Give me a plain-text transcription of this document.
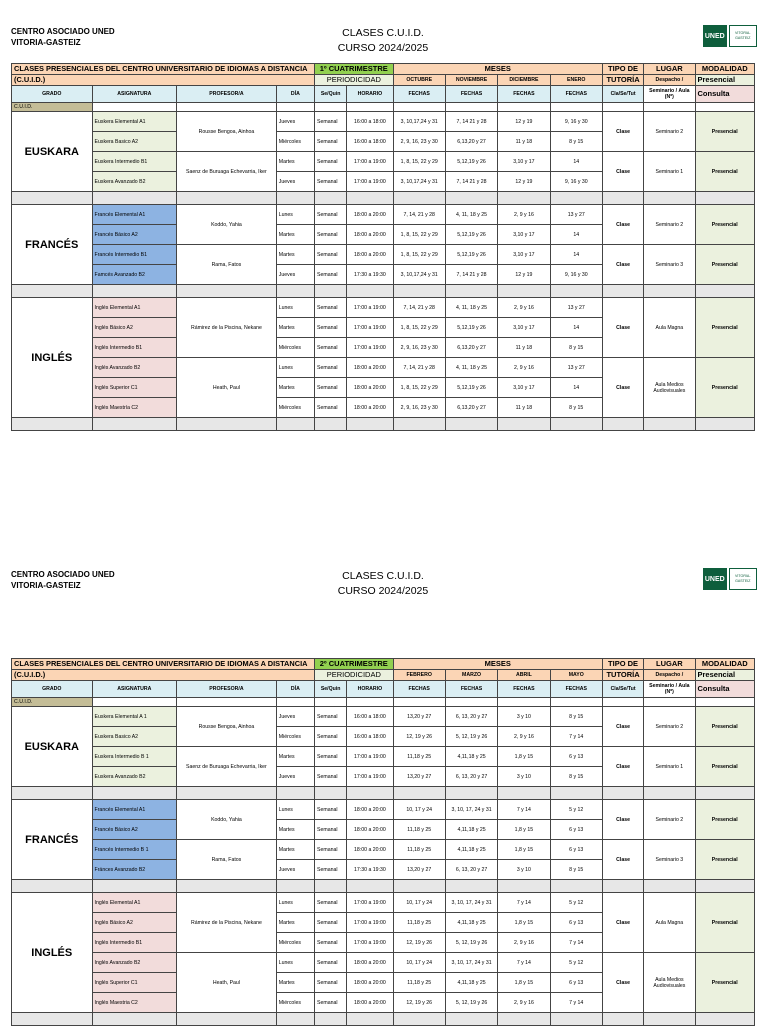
CENTRO ASOCIADO UNED
VITORIA-GASTEIZ
CLASES C.U.I.D.
CURSO 2024/2025
UNED	VITORIA-
GASTEIZ
CLASES PRESENCIALES DEL CENTRO UNIVERSITARIO DE IDIOMAS A DISTANCIA				1º CUATRIMESTRE		MESES				TIPO DE	LUGAR	MODALIDAD
(C.U.I.D.)				PERIODICIDAD		OCTUBRE	NOVIEMBRE	DICIEMBRE	ENERO	TUTORÍA	Despacho /	Presencial
GRADO	ASIGNATURA	PROFESOR/A	DÍA	Se/Quin	HORARIO	FECHAS	FECHAS	FECHAS	FECHAS	Cla/Se/Tut	Seminario / Aula (Nº)	Consulta
C.U.I.D.												
EUSKARA	Euskera Elemental A1	Rousse Bengoa, Ainhoa	Jueves	Semanal	16:00 a 18:00	3, 10,17,24 y 31	7, 14 21 y 28	12 y 19	9, 16 y 30	Clase	Seminario 2	Presencial
	Euskera Basico A2		Miércoles	Semanal	16:00 a 18:00	2, 9, 16, 23 y 30	6,13,20 y 27	11 y 18	8 y 15			
	Euskera Intermedio B1	Saenz de Buruaga Echevarria, Iker	Martes	Semanal	17:00 a 19:00	1, 8, 15, 22 y 29	5,12,19 y 26	3,10 y 17	14	Clase	Seminario 1	Presencial
	Euskera Avanzado B2		Jueves	Semanal	17:00 a 19:00	3, 10,17,24 y 31	7, 14 21 y 28	12 y 19	9, 16 y 30			

FRANCÉS	Francés Elemental A1	Koddo, Yahia	Lunes	Semanal	18:00 a 20:00	7, 14, 21 y 28	4, 11, 18 y 25	2, 9 y 16	13 y 27	Clase	Seminario 2	Presencial
	Francés Básico A2		Martes	Semanal	18:00 a 20:00	1, 8, 15, 22 y 29	5,12,19 y 26	3,10 y 17	14			
	Francés Intermedio B1	Rama, Fatos	Martes	Semanal	18:00 a 20:00	1, 8, 15, 22 y 29	5,12,19 y 26	3,10 y 17	14	Clase	Seminario 3	Presencial
	Famcés Avanzado B2		Jueves	Semanal	17:30 a 19:30	3, 10,17,24 y 31	7, 14 21 y 28	12 y 19	9, 16 y 30			

INGLÉS	Inglés Elemental A1	Rámirez de la Piscina, Nekane	Lunes	Semanal	17:00 a 19:00	7, 14, 21 y 28	4, 11, 18 y 25	2, 9 y 16	13 y 27	Clase	Aula Magna	Presencial
	Inglés Básico A2		Martes	Semanal	17:00 a 19:00	1, 8, 15, 22 y 29	5,12,19 y 26	3,10 y 17	14			
	Inglés Intermedio B1		Miércoles	Semanal	17:00 a 19:00	2, 9, 16, 23 y 30	6,13,20 y 27	11 y 18	8 y 15			
	Inglés Avanzado B2	Heath, Paul	Lunes	Semanal	18:00 a 20:00	7, 14, 21 y 28	4, 11, 18 y 25	2, 9 y 16	13 y 27	Clase	Aula Medios Audiovisuales	Presencial
	Inglés Superior C1		Martes	Semanal	18:00 a 20:00	1, 8, 15, 22 y 29	5,12,19 y 26	3,10 y 17	14			
	Inglés Maestría C2		Miércoles	Semanal	18:00 a 20:00	2, 9, 16, 23 y 30	6,13,20 y 27	11 y 18	8 y 15			

CENTRO ASOCIADO UNED
VITORIA-GASTEIZ
CLASES C.U.I.D.
CURSO 2024/2025
UNED	VITORIA-
GASTEIZ
CLASES PRESENCIALES DEL CENTRO UNIVERSITARIO DE IDIOMAS A DISTANCIA				2º CUATRIMESTRE		MESES				TIPO DE	LUGAR	MODALIDAD
(C.U.I.D.)				PERIODICIDAD		FEBRERO	MARZO	ABRIL	MAYO	TUTORÍA	Despacho /	Presencial
GRADO	ASIGNATURA	PROFESOR/A	DÍA	Se/Quin	HORARIO	FECHAS	FECHAS	FECHAS	FECHAS	Cla/Se/Tut	Seminario / Aula (Nº)	Consulta
C.U.I.D.												
EUSKARA	Euskera Elemental A 1	Rousse Bengoa, Ainhoa	Jueves	Semanal	16:00 a 18:00	13,20 y 27	6, 13, 20 y 27	3 y 10	8 y 15	Clase	Seminario 2	Presencial
	Euskera Basico A2		Miércoles	Semanal	16:00 a 18:00	12, 19 y 26	5, 12, 19 y 26	2, 9 y 16	7 y 14			
	Euskera Intermedio B 1	Saenz de Buruaga Echevarria, Iker	Martes	Semanal	17:00 a 19:00	11,18 y 25	4,11,18 y 25	1,8 y 15	6 y 13	Clase	Seminario 1	Presencial
	Euskera Avanzado B2		Jueves	Semanal	17:00 a 19:00	13,20 y 27	6, 13, 20 y 27	3 y 10	8 y 15			

FRANCÉS	Francés Elemental A1	Koddo, Yahia	Lunes	Semanal	18:00 a 20:00	10, 17 y 24	3, 10, 17, 24 y 31	7 y 14	5 y 12	Clase	Seminario 2	Presencial
	Francés Básico A2		Martes	Semanal	18:00 a 20:00	11,18 y 25	4,11,18 y 25	1,8 y 15	6 y 13			
	Francés Intermedio B 1	Rama, Fatos	Martes	Semanal	18:00 a 20:00	11,18 y 25	4,11,18 y 25	1,8 y 15	6 y 13	Clase	Seminario 3	Presencial
	Fránces Avanzado B2		Jueves	Semanal	17:30 a 19:30	13,20 y 27	6, 13, 20 y 27	3 y 10	8 y 15			

INGLÉS	Inglés Elemental A1	Rámirez de la Piscina, Nekane	Lunes	Semanal	17:00 a 19:00	10, 17 y 24	3, 10, 17, 24 y 31	7 y 14	5 y 12	Clase	Aula Magna	Presencial
	Inglés Básico A2		Martes	Semanal	17:00 a 19:00	11,18 y 25	4,11,18 y 25	1,8 y 15	6 y 13			
	Inglés Intermedio B1		Miércoles	Semanal	17:00 a 19:00	12, 19 y 26	5, 12, 19 y 26	2, 9 y 16	7 y 14			
	Inglés Avanzado B2	Heath, Paul	Lunes	Semanal	18:00 a 20:00	10, 17 y 24	3, 10, 17, 24 y 31	7 y 14	5 y 12	Clase	Aula Medios Audiovisuales	Presencial
	Inglés Superior C1		Martes	Semanal	18:00 a 20:00	11,18 y 25	4,11,18 y 25	1,8 y 15	6 y 13			
	Inglés Maestria C2		Miércoles	Semanal	18:00 a 20:00	12, 19 y 26	5, 12, 19 y 26	2, 9 y 16	7 y 14			
